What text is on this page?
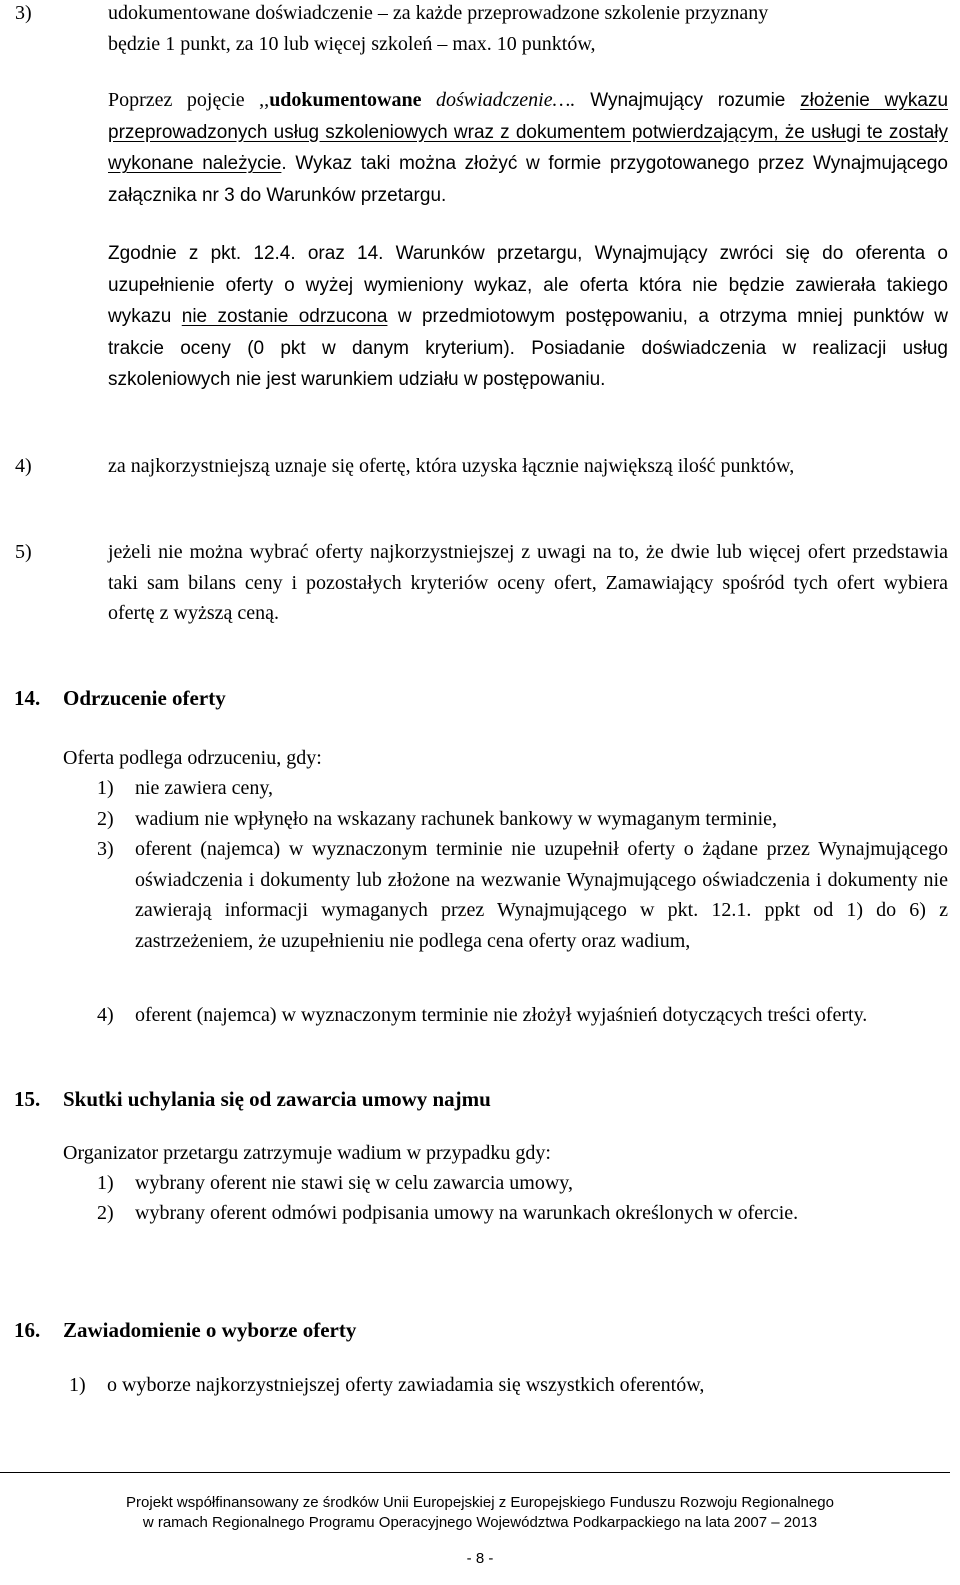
3)	udokumentowane doświadczenie – za każde przeprowadzone szkolenie przyznany

będzie 1 punkt, za 10 lub więcej szkoleń – max. 10 punktów,

Poprzez pojęcie ,,udokumentowane doświadczenie…. Wynajmujący rozumie złożenie wykazu przeprowadzonych usług szkoleniowych wraz z dokumentem potwierdzającym, że usługi te zostały wykonane należycie. Wykaz taki można złożyć w formie przygotowanego przez Wynajmującego załącznika nr 3 do Warunków przetargu.

Zgodnie z pkt. 12.4. oraz 14. Warunków przetargu, Wynajmujący zwróci się do oferenta o uzupełnienie oferty o wyżej wymieniony wykaz, ale oferta która nie będzie zawierała takiego wykazu nie zostanie odrzucona w przedmiotowym postępowaniu, a otrzyma mniej punktów w trakcie oceny (0 pkt w danym kryterium). Posiadanie doświadczenia w realizacji usług szkoleniowych nie jest warunkiem udziału w postępowaniu.

4)	za najkorzystniejszą uznaje się ofertę, która uzyska łącznie największą ilość punktów,
5)	jeżeli nie można wybrać oferty najkorzystniejszej z uwagi na to, że dwie lub więcej ofert przedstawia taki sam bilans ceny i pozostałych kryteriów oceny ofert, Zamawiający spośród tych ofert wybiera ofertę z wyższą ceną.
14. Odrzucenie oferty
Oferta podlega odrzuceniu, gdy:
1) nie zawiera ceny,
2) wadium nie wpłynęło na wskazany rachunek bankowy w wymaganym terminie,
3) oferent (najemca) w wyznaczonym terminie nie uzupełnił oferty o żądane przez Wynajmującego oświadczenia i dokumenty lub złożone na wezwanie Wynajmującego oświadczenia i dokumenty nie zawierają informacji wymaganych przez Wynajmującego w pkt. 12.1. ppkt od 1) do 6) z zastrzeżeniem, że uzupełnieniu nie podlega cena oferty oraz wadium,
4) oferent (najemca) w wyznaczonym terminie nie złożył wyjaśnień dotyczących treści oferty.
15. Skutki uchylania się od zawarcia umowy najmu
Organizator przetargu zatrzymuje wadium w przypadku gdy:
1) wybrany oferent nie stawi się w celu zawarcia umowy,
2) wybrany oferent odmówi podpisania umowy na warunkach określonych w ofercie.
16. Zawiadomienie o wyborze oferty
1) o wyborze najkorzystniejszej oferty zawiadamia się wszystkich oferentów,
Projekt współfinansowany ze środków Unii Europejskiej z Europejskiego Funduszu Rozwoju Regionalnego
w ramach Regionalnego Programu Operacyjnego Województwa Podkarpackiego na lata 2007 – 2013
- 8 -
